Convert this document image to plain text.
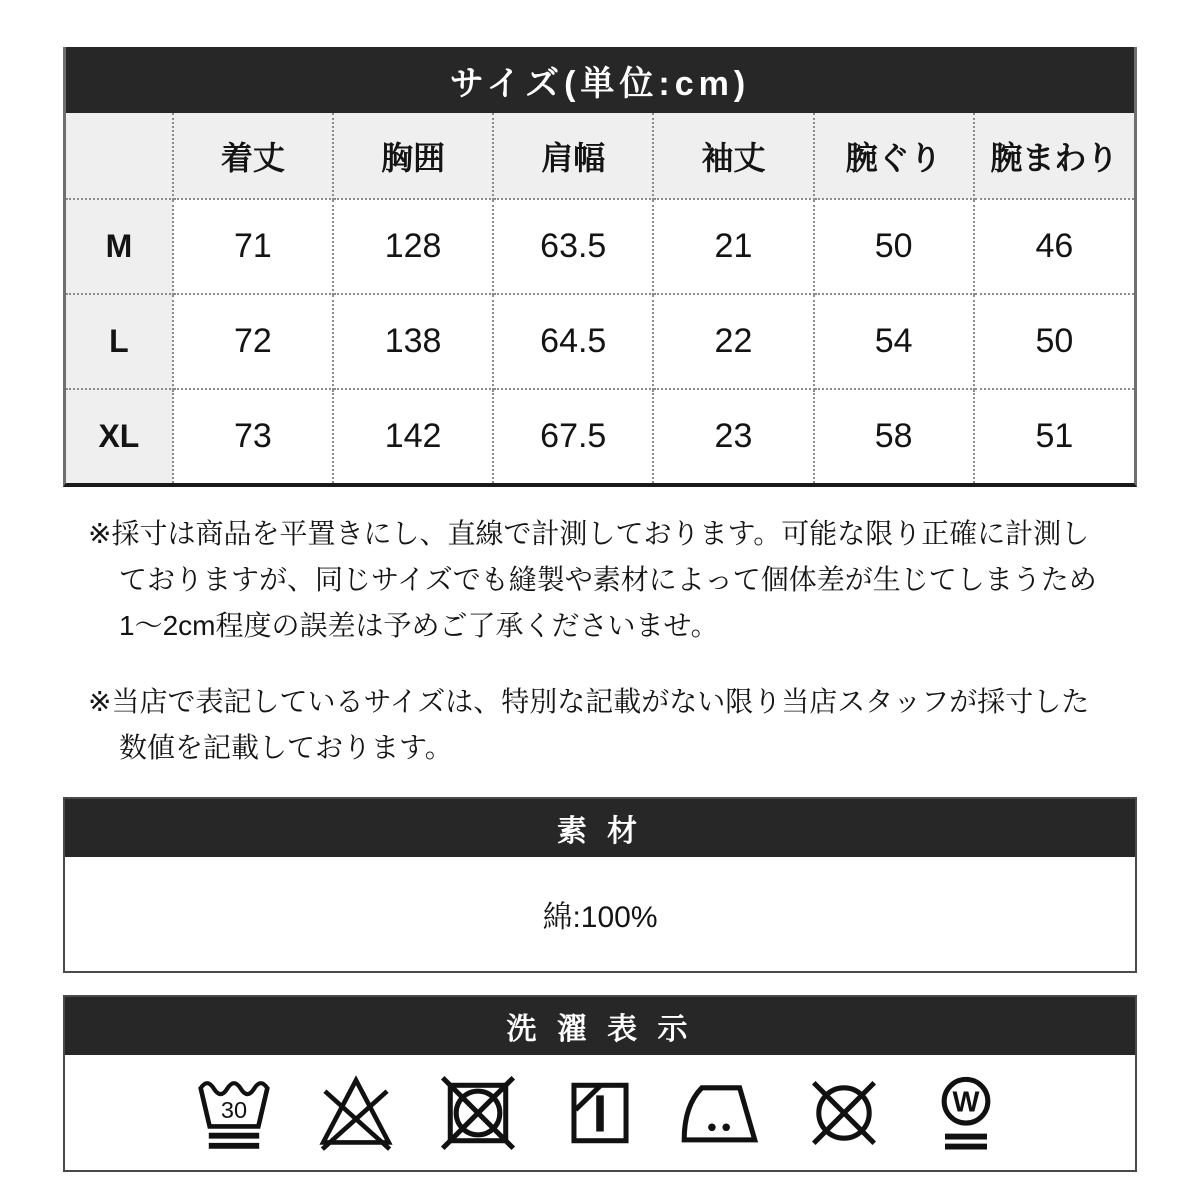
サイズ(単位:cm)
	着丈	胸囲	肩幅	袖丈	腕ぐり	腕まわり
M	71	128	63.5	21	50	46
L	72	138	64.5	22	54	50
XL	73	142	67.5	23	58	51
※採寸は商品を平置きにし、直線で計測しております。可能な限り正確に計測し
ておりますが、同じサイズでも縫製や素材によって個体差が生じてしまうため
1〜2cm程度の誤差は予めご了承くださいませ。
※当店で表記しているサイズは、特別な記載がない限り当店スタッフが採寸した
数値を記載しております。
素 材
綿:100%
洗 濯 表 示
30	W
